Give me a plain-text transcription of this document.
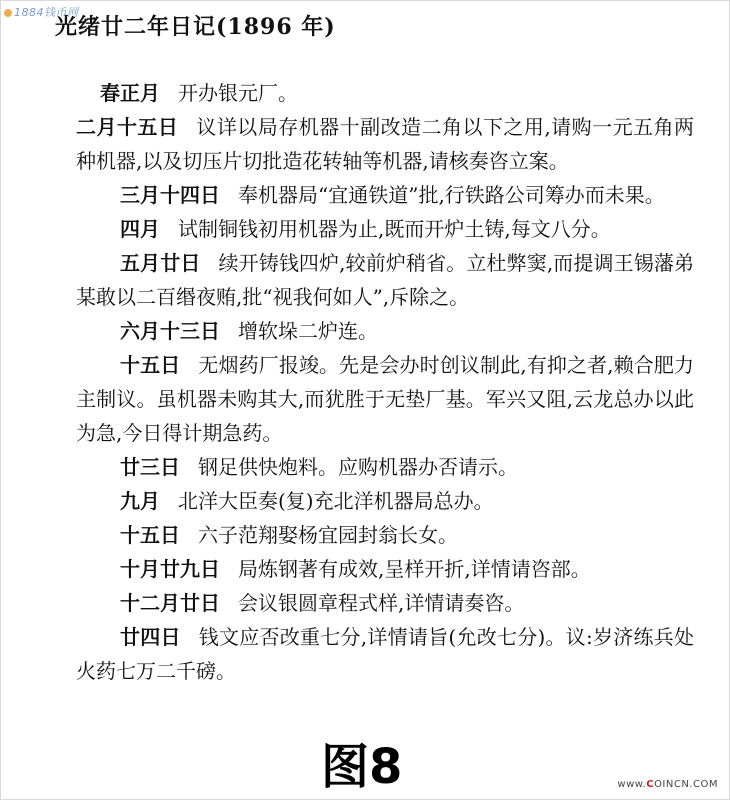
1884钱币网
光绪廿二年日记(1896 年)

春正月 开办银元厂。

二月十五日 议详以局存机器十副改造二角以下之用,请购一元五角两种机器,以及切压片切批造花转轴等机器,请核奏咨立案。

三月十四日 奉机器局“宜通铁道”批,行铁路公司筹办而未果。

四月 试制铜钱初用机器为止,既而开炉土铸,每文八分。

五月廿日 续开铸钱四炉,较前炉稍省。立杜弊窦,而提调王锡藩弟某敢以二百缗夜贿,批“视我何如人”,斥除之。

六月十三日 增软垛二炉连。

十五日 无烟药厂报竣。先是会办时创议制此,有抑之者,赖合肥力主制议。虽机器未购其大,而犹胜于无垫厂基。军兴又阻,云龙总办以此为急,今日得计期急药。

廿三日 钢足供快炮料。应购机器办否请示。

九月 北洋大臣奏(复)充北洋机器局总办。

十五日 六子范翔娶杨宜园封翁长女。

十月廿九日 局炼钢著有成效,呈样开折,详情请咨部。

十二月廿日 会议银圆章程式样,详情请奏咨。

廿四日 钱文应否改重七分,详情请旨(允改七分)。议:岁济练兵处火药七万二千磅。

图8	www.COINCN.COM
